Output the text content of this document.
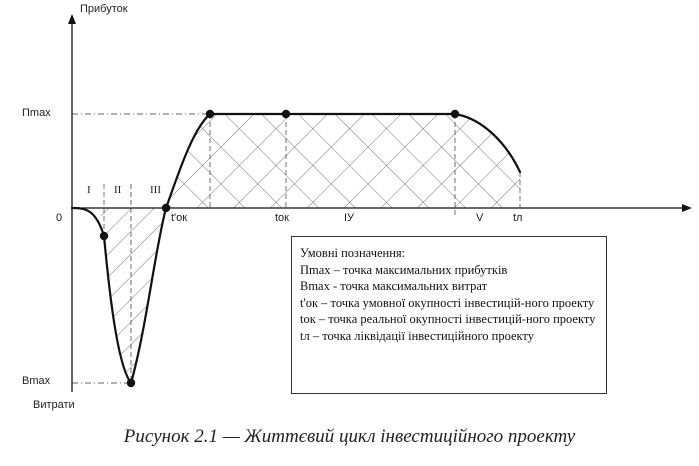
Прибуток
Витрати
0
Пmax
Вmax
I II	III
IУ	V
t'ок	tок	tл
Умовні позначення:
Пmax – точка максимальних прибутків
Вmax - точка максимальних витрат
t'ок – точка умовної окупності інвестицій-ного проекту
tок – точка реальної окупності інвестицій-ного проекту
tл – точка ліквідації інвестиційного проекту
Рисунок 2.1 — Життєвий цикл інвестиційного проекту
